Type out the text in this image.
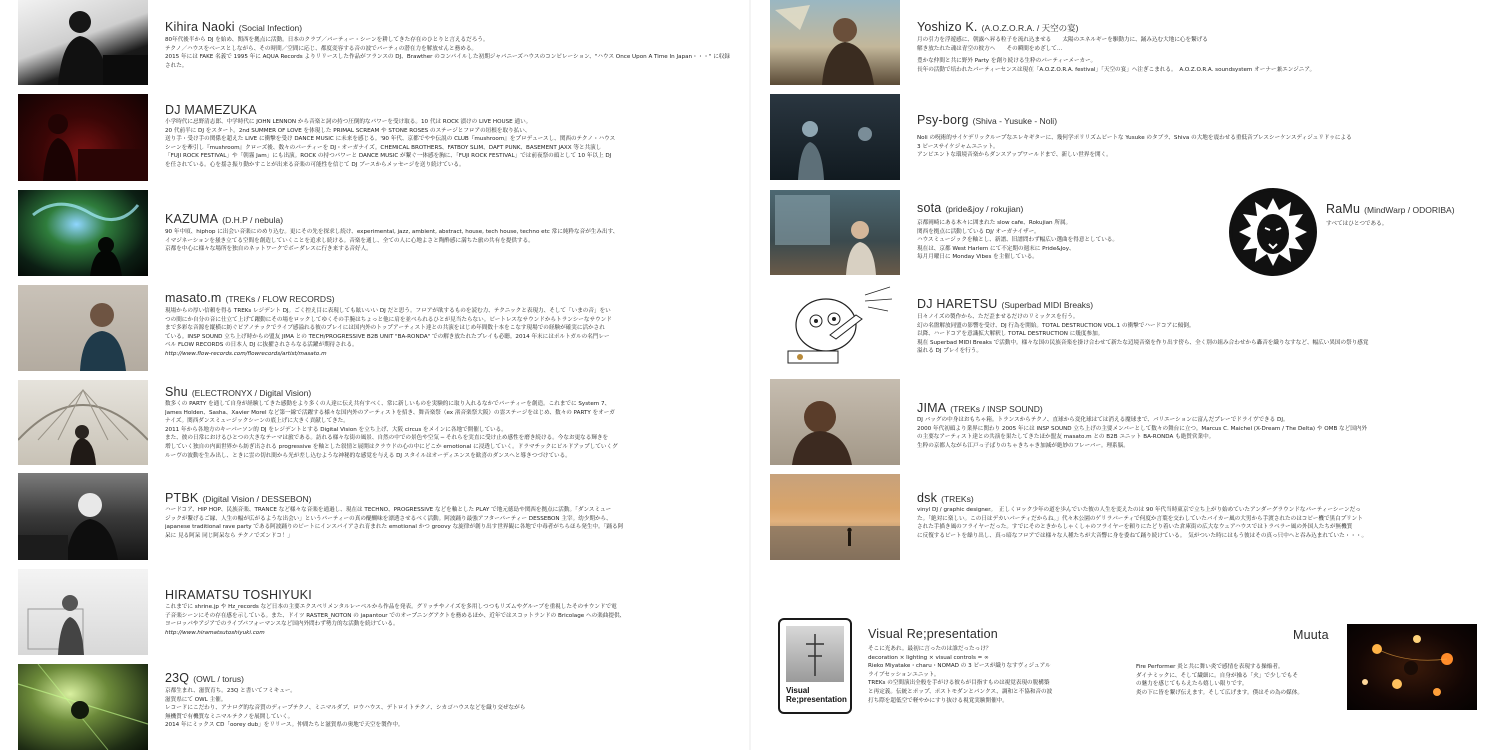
Kihira Naoki (Social Infection)

80年代後半から DJ を始め、関西を拠点に活動。日本のクラブ／パーティー・シーンを耕してきた存在のひとりと言えるだろう。

テクノ／ハウスをベースとしながら、その時間／空間に応じ、都度変容する音の波でパーティの潜在力を解放せんと務める。

2015 年には FAKE 名義で 1995 年に AQUA Records よりリリースした作品がフランスの DJ、Brawther のコンパイルした初期ジャパニーズハウスのコンピレーション、"ハウス Once Upon A Time In Japan・・・" に収録された。

DJ MAMEZUKA

小学時代に忌野清志郎、中学時代に JOHN LENNON から音楽と詞の持つ圧倒的なパワーを受け取る。10 代は ROCK 漬けの LIVE HOUSE 通い。

20 代前半に DJ をスタート。2nd SUMMER OF LOVE を体現した PRIMAL SCREAM や STONE ROSES のステージとフロアの垣根を取り払い、

送り手・受け手の関係を超えた LIVE に衝撃を受け DANCE MUSIC に未来を感じる。'90 年代、京都でやや伝説の CLUB『mushroom』をプロデュースし、関西のテクノ・ハウス

シーンを牽引し『mushroom』クローズ後、数々のパーティーを DJ・オーガナイズ。CHEMICAL BROTHERS、FATBOY SLIM、DAFT PUNK、BASEMENT JAXX 等と共演し

「FUJI ROCK FESTIVAL」や「朝霧 Jam」にも出演。ROCK の持つパワーと DANCE MUSIC が繋ぐ一体感を胸に、「FUJI ROCK FESTIVAL」では前夜祭の頭として 10 年以上 DJ

を任されている。心を揺さ振り動かすことが出来る音楽の可能性を信じて DJ ブースからメッセージを送り続けている。

KAZUMA (D.H.P / nebula)

90 年中頃、hiphop に出会い音楽にのめり込む。更にその先を探求し続け、experimental, jazz, ambient, abstract, house, tech house, techno etc 常に純粋な音が生み出す、

イマジネーションを掻き立てる空間を創造していくことを追求し続ける。音楽を通し、全ての人に心地よさと陶酔感に満ちた旅の共有を提供する。

京都を中心に様々な場所を独自のネットワークでボーダレスに行き来する音好人。

masato.m (TREKs / FLOW RECORDS)

現場からの厚い信頼を得る TREKs レジデント DJ。ごく控え目に表現しても眩いいい DJ だと思う。フロアが欲するものを読む力、テクニックと表現力、そして「いまの音」をい

つの間にか自分の音に仕立て上げて躍動にその場をロックしてゆくその手腕はちょっと他に肩を並べられるひとが見当たらない。ビートレスなサウンドからトランシーなサウンド

まで多彩な音源を縦横に紡ぐピアノテックでライブ感溢れる彼のプレイには国内外のトップアーティスト達との共演をはじめ年間数十本をこなす現場での経験が確実に活かされ

ている。INSP SOUND 立ち上げ時からの盟友 JIMA との TECH/PROGRESSIVE B2B UNIT "BA-RONDA" での解き放たれたプレイも必聴。2014 年末にはポルトガルの名門レー

ベル FLOW RECORDS の日本人 DJ に抜擢されさらなる活躍が期待される。

http://www.flow-records.com/flowrecords/artist/masato.m

Shu (ELECTRONYX / Digital Vision)

数多くの PARTY を通して自身が経験してきた感動をより多くの人達に伝え共有すべく、常に新しいものを実験的に取り入れるなかでパーティーを創造。これまでに System 7、

James Holden、Sasha、Xavier Morel など第一線で活躍する様々な国内外のアーティストを招き、舞音楽祭（ex 渚音楽祭大阪）の霊ステージをはじめ、数々の PARTY をオーガ

ナイズ。関西ダンスミュージックシーンの底上げに大きく貢献してきた。

2011 年から各地方のキーパーソン的 DJ をレジデントとする Digital Vision を立ち上げ、大阪 circus をメインに各地で開催している。

また、彼の日常におけるひとつの大きなテーマは旅である。訪れる様々な街の風景、自然の中での景色や空気 ─ それらを実直に受け止め感性を磨き続ける。今なお更なる輝きを

増していく独自の内面世界から紡ぎ出される progressive を軸とした叙情と展開はクラウドの心の中にどこか emotional に浸透していく。ドラマチックにビルドアップしていくグ

ルーヴの波動を生み出し、ときに雲の切れ間から光が差し込むような神秘的な感覚を与える DJ スタイルはオーディエンスを歓喜のダンスへと導きつづけている。

PTBK (Digital Vision / DESSEBON)

ハードコア、HIP HOP、民族音楽、TRANCE など様々な音楽を通過し、現在は TECHNO、PROGRESSIVE などを軸とした PLAY で地元徳島や関西を拠点に活動。「ダンスミュー

ジックが繋げるご縁、人生の幅が広がるような出会い」というパーティーの真の醍醐味を漂透させるべく活動。阿波踊り最強アフターパーティー DESSEBON 主宰。幼少期から、

japanese traditional rave party である阿波踊りのビートにインスパイアされ育まれた emotional かつ groovy な旋律が創り出す世界観に各地で中毒者がちらほら発生中。「踊る阿

呆に 見る阿呆 同じ阿呆なら テクノでズンドコ！」

HIRAMATSU TOSHIYUKI

これまでに shrine.jp や Hz_records など日本の主要エクスペリメンタルレーベルから作品を発表。グリッチやノイズを多用しつつもリズムやグルーブを重視したそのサウンドで電

子音楽シーンにその存在感を示している。また、ドイツ RASTER_NOTON の japantour でのオープニングアクトを務めるほか、近年ではスコットランドの Bricolage への楽曲提供、

ヨーロッパやアジアでのライブパフォーマンスなど国内外問わず勢力的な活動を続けている。

http://www.hiramatsutoshiyuki.com

23Q (OWL / torus)

京都生まれ、滋賀育ち。23Q と書いてフミキュー。

滋賀県にて OWL 主催。

レコードにこだわり、アナログ的な音質のディープテクノ、ミニマルダブ、ロウハウス、デトロイトテクノ、シカゴハウスなどを織り交ぜながら

無機質で有機質なミニマルテクノを展開していく。

2014 年にミックス CD「oorey dub」をリリース。仲間たちと滋賀県の奥地で天空を製作中。

Yoshizo K. (A.O.Z.O.R.A. / 天空の宴)

月の引力を浮遊感に、朝露へ昇る粒子を流れ込ませる　　太陽のエネルギーを駆動力に、踊み込む大地に心を繋げる

解き放たれた魂は青空の彼方へ　　その瞬間をめざして…

豊かな仲間と共に野外 Party を創り続ける生粋のパーティーメーカー。

長年の活動で培われたパーティーセンスは現在「A.O.Z.O.R.A. festival」「天空の宴」へ注ぎこまれる。　A.O.Z.O.R.A. soundsystem オーナー兼エンジニア。

Psy-borg (Shiva - Yusuke - Noli)

Noli の呪術的サイケデリックループなエレキギターに、幾何学ポリリズムビートな Yusuke のタブラ、Shiva の大地を震わせる重低音ブレスシーケンスディジュリドゥによる

3 ピースサイケジャムユニット。

アンビエントな環境音楽からダンスアップワールドまで、新しい世界を開く。

sota (pride&joy / rokujian)

京都岡崎にある木々に囲まれた slow cafe、Rokujian 所属。

関西を拠点に活動している DJ/ オーガナイザー。

ハウスミュージックを軸とし、新譜、旧譜問わず幅広い選曲を得意としている。

現在は、京都 West Harlem にて不定期の週末に Pride&Joy、

毎月月曜日に Monday Vibes を主催している。

RaMu (MindWarp / ODORIBA)

すべてはひとつである。

DJ HARETSU (Superbad MIDI Breaks)

日々ノイズの製作から、ただ歪ませるだけのリミックスを行う。

幻の名盤解放同盟の影響を受け、DJ 行為を開始。TOTAL DESTRUCTION VOL.1 の衝撃でハードコアに傾倒。

以降、ハードコアを意識拡大解釈し TOTAL DESTRUCTION に幾度参加。

現在 Superbad MIDI Breaks で活動中。様々な国の民族音楽を掛け合わせて新たな辺境音楽を作り出す傍ら、全く別の組み合わせから轟音を織りなすなど、幅広い異国の祭り感覚

溢れる DJ プレイを行う。

JIMA (TREKs / INSP SOUND)

DJ バッグの中身はおもちゃ箱。トランスからテクノ、直球から変化球はては消える魔球まで、バリエーションに富んだプレーでドライヴできる DJ。

2000 年代初頭より業界に関わり 2005 年には INSP SOUND 立ち上げの主要メンバーとして数々の舞台に立つ。Marcus C. Maichel (X-Dream / The Delta) や OMB など国内外

の主要なアーティスト達との共演を果たしてきたほか盟友 masato.m との B2B ユニット BA-RONDA も絶賛営業中。

生粋の京都人ながら江戸っ子ばりのちゃきちゃき加減が絶妙のフレーバー。理系脳。

dsk (TREKs)

vinyl DJ / graphic designer。　正しくロック少年の道を歩んでいた彼の人生を変えたのは 90 年代当時東京で立ち上がり始めていたアンダーグラウンドなパーティーシーンだっ

た。「絶対に楽しい。この日はデカいパーティだからね。」代々木公園のゲリラパーティで何度か言葉を交わしていたバイカー風の大男から手渡されたのはコピー機で黒白プリント

された手描き風のフライヤーだった。すでにそのときからしゃくしゃのフライヤーを頼りにたどり着いた倉庫街の広大なウェアハウスではトラベラー風の外国人たちが無機質

に反復するビートを繰り出し、真っ暗なフロアでは様々な人種たちが大音響に身を委ねて踊り続けている。　気がついた時にはもう彼はその真っ只中へと吞み込まれていた・・・。

Visual
Re;presentation
Visual Re;presentation

そこに光あれ。最初に言ったのは誰だったっけ？

decoration × lighting × visual controls = ∞

Rieko Miyatake・charu・NOMAD の 3 ピースが織りなすヴィジュアル

ライブセッションユニット。

TREKs の空間演出全般を手がける彼らが目指すものは視覚表現の脱構築

と再定義。伝統とポップ、ポストモダンとパンクス、調和と不協和音の波

打ち際を超低空で軽やかにすり抜ける視覚実験開催中。

Muuta

Fire Performer 炎と共に舞い炎で感情を表現する操焔者。

ダイナミックに、そして繊細に。自身が操る「火」で少しでもそ

の魅力を感じてもらえたら嬉しい限りです。

炎の下に皆を繋げ伝えます。そして広げます。僕はその為の媒体。
